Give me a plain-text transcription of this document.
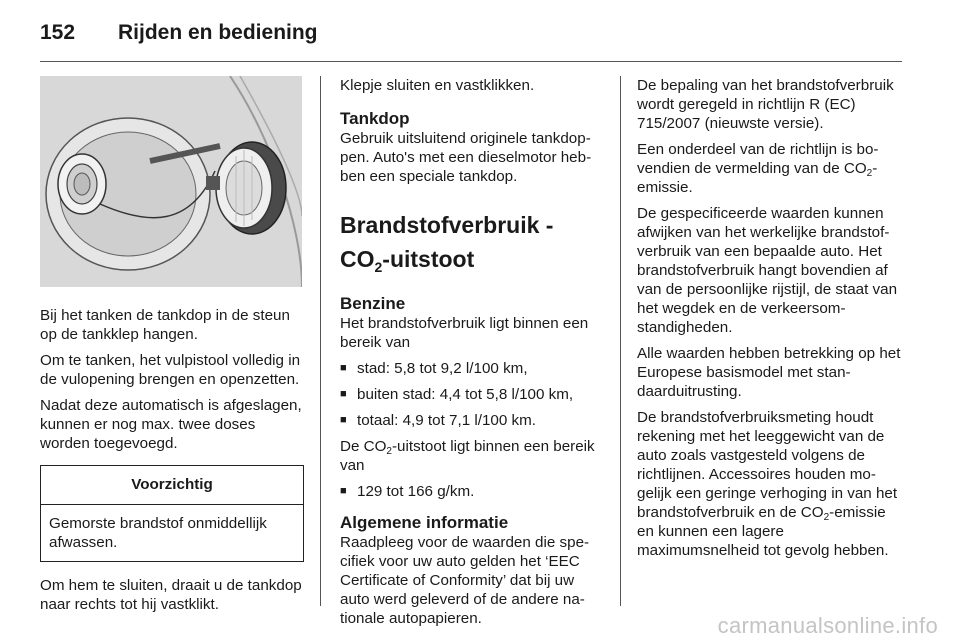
152	Rijden en bediening

Bij het tanken de tankdop in de steun op de tankklep hangen.

Om te tanken, het vulpistool volledig in de vulopening brengen en openzetten.

Nadat deze automatisch is afgeslagen, kunnen er nog max. twee doses worden toegevoegd.

Voorzichtig
Gemorste brandstof onmiddellijk afwassen.

Om hem te sluiten, draait u de tankdop naar rechts tot hij vastklikt.

Klepje sluiten en vastklikken.

Tankdop

Gebruik uitsluitend originele tankdoppen. Auto's met een dieselmotor hebben een speciale tankdop.

Brandstofverbruik - $CO_2$-uitstoot
Benzine

Het brandstofverbruik ligt binnen een bereik van

■ stad: 5,8 tot 9,2 l/100 km,
■ buiten stad: 4,4 tot 5,8 l/100 km,
■ totaal: 4,9 tot 7,1 l/100 km.

De $CO_2$-uitstoot ligt binnen een bereik van

■ 129 tot 166 g/km.
Algemene informatie

Raadpleeg voor de waarden die specifiek voor uw auto gelden het ‘EEC Certificate of Conformity’ dat bij uw auto werd geleverd of de andere nationale autopapieren.

De bepaling van het brandstofverbruik wordt geregeld in richtlijn R (EC) 715/2007 (nieuwste versie).

Een onderdeel van de richtlijn is bovendien de vermelding van de $CO_2$-emissie.

De gespecificeerde waarden kunnen afwijken van het werkelijke brandstofverbruik van een bepaalde auto. Het brandstofverbruik hangt bovendien af van de persoonlijke rijstijl, de staat van het wegdek en de verkeersomstandigheden.

Alle waarden hebben betrekking op het Europese basismodel met standaarduitrusting.

De brandstofverbruiksmeting houdt rekening met het leeggewicht van de auto zoals vastgesteld volgens de richtlijnen. Accessoires houden mogelijk een geringe verhoging in van het brandstofverbruik en de $CO_2$-emissie en kunnen een lagere maximumsnelheid tot gevolg hebben.

carmanualsonline.info
